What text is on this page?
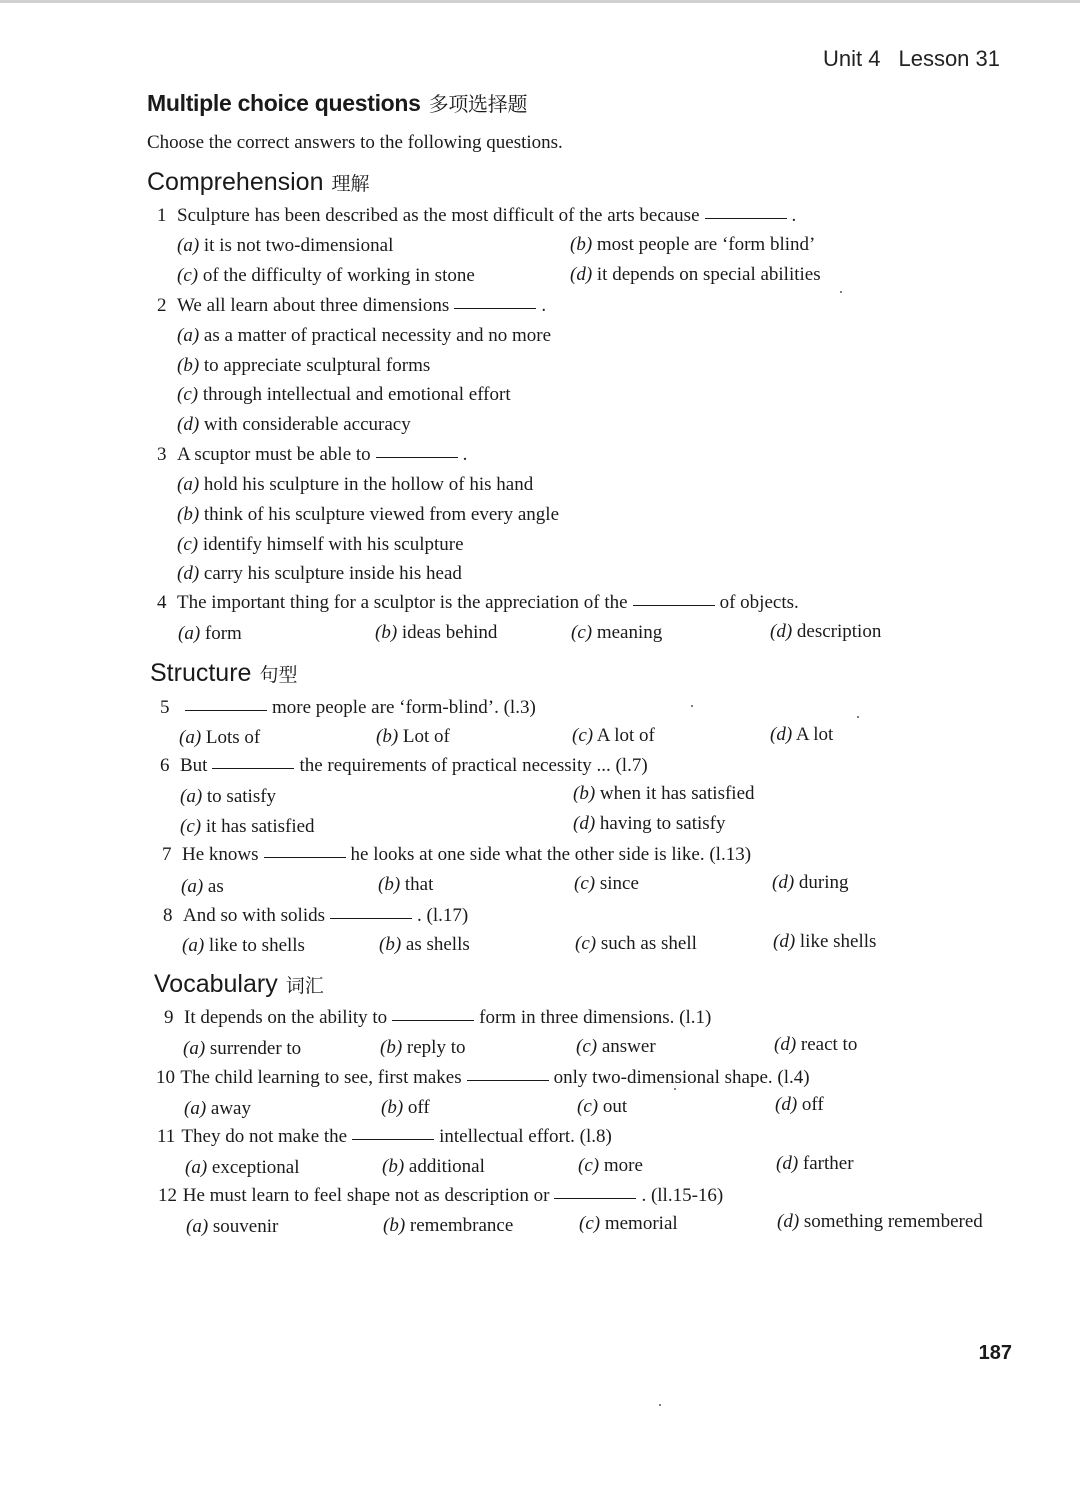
Unit 4 Lesson 31
Multiple choice questions 多项选择题
Choose the correct answers to the following questions.
Comprehension 理解
1 Sculpture has been described as the most difficult of the arts because	.
(a) it is not two-dimensional	(b) most people are ‘form blind’
(c) of the difficulty of working in stone	(d) it depends on special abilities
2 We all learn about three dimensions	.
(a) as a matter of practical necessity and no more
(b) to appreciate sculptural forms
(c) through intellectual and emotional effort
(d) with considerable accuracy
3 A scuptor must be able to	.
(a) hold his sculpture in the hollow of his hand
(b) think of his sculpture viewed from every angle
(c) identify himself with his sculpture
(d) carry his sculpture inside his head
4 The important thing for a sculptor is the appreciation of the	of objects.
(a) form	(b) ideas behind	(c) meaning	(d) description
Structure 句型
5	more people are ‘form-blind’. (l.3)
(a) Lots of	(b) Lot of	(c) A lot of	(d) A lot
6 But	the requirements of practical necessity ... (l.7)
(a) to satisfy	(b) when it has satisfied
(c) it has satisfied	(d) having to satisfy
7 He knows	he looks at one side what the other side is like. (l.13)
(a) as	(b) that	(c) since	(d) during
8 And so with solids	. (l.17)
(a) like to shells	(b) as shells	(c) such as shell	(d) like shells
Vocabulary 词汇
9 It depends on the ability to	form in three dimensions. (l.1)
(a) surrender to	(b) reply to	(c) answer	(d) react to
10 The child learning to see, first makes	only two-dimensional shape. (l.4)
(a) away	(b) off	(c) out	(d) off
11 They do not make the	intellectual effort. (l.8)
(a) exceptional	(b) additional	(c) more	(d) farther
12 He must learn to feel shape not as description or	. (ll.15-16)
(a) souvenir	(b) remembrance	(c) memorial	(d) something remembered
187
